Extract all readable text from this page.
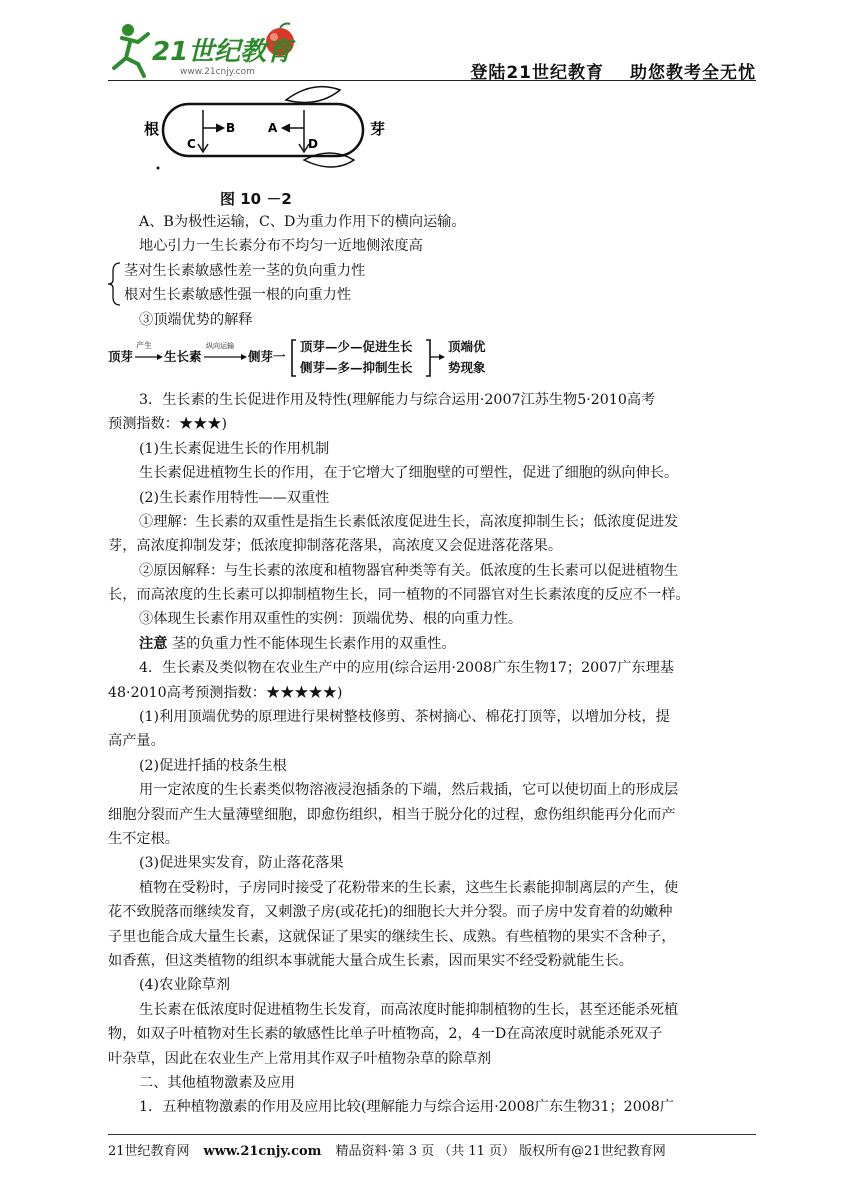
21世纪教育
www.21cnjy.com	登陆21世纪教育 助您教考全无忧
根	芽
B	A
C	D
图 10 －2
顶芽
产生
生长素
纵向运输
侧芽一
顶芽—少—促进生长
侧芽—多—抑制生长
顶端优
势现象
A、B为极性运输，C、D为重力作用下的横向运输。
地心引力一生长素分布不均匀一近地侧浓度高
茎对生长素敏感性差一茎的负向重力性
根对生长素敏感性强一根的向重力性
③顶端优势的解释
3．生长素的生长促进作用及特性(理解能力与综合运用·2007江苏生物5·2010高考
预测指数：★★★)
(1)生长素促进生长的作用机制
生长素促进植物生长的作用，在于它增大了细胞壁的可塑性，促进了细胞的纵向伸长。
(2)生长素作用特性——双重性
①理解：生长素的双重性是指生长素低浓度促进生长，高浓度抑制生长；低浓度促进发
芽，高浓度抑制发芽；低浓度抑制落花落果，高浓度又会促进落花落果。
②原因解释：与生长素的浓度和植物器官种类等有关。低浓度的生长素可以促进植物生
长，而高浓度的生长素可以抑制植物生长，同一植物的不同器官对生长素浓度的反应不一样。
③体现生长素作用双重性的实例：顶端优势、根的向重力性。
注意 茎的负重力性不能体现生长素作用的双重性。
4．生长素及类似物在农业生产中的应用(综合运用·2008广东生物17；2007广东理基
48·2010高考预测指数：★★★★★)
(1)利用顶端优势的原理进行果树整枝修剪、茶树摘心、棉花打顶等，以增加分枝，提
高产量。
(2)促进扦插的枝条生根
用一定浓度的生长素类似物溶液浸泡插条的下端，然后栽插，它可以使切面上的形成层
细胞分裂而产生大量薄壁细胞，即愈伤组织，相当于脱分化的过程，愈伤组织能再分化而产
生不定根。
(3)促进果实发育，防止落花落果
植物在受粉时，子房同时接受了花粉带来的生长素，这些生长素能抑制离层的产生，使
花不致脱落而继续发育，又刺激子房(或花托)的细胞长大并分裂。而子房中发育着的幼嫩种
子里也能合成大量生长素，这就保证了果实的继续生长、成熟。有些植物的果实不含种子，
如香蕉，但这类植物的组织本事就能大量合成生长素，因而果实不经受粉就能生长。
(4)农业除草剂
生长素在低浓度时促进植物生长发育，而高浓度时能抑制植物的生长，甚至还能杀死植
物，如双子叶植物对生长素的敏感性比单子叶植物高，2，4一D在高浓度时就能杀死双子
叶杂草，因此在农业生产上常用其作双子叶植物杂草的除草剂
二、其他植物激素及应用
1．五种植物激素的作用及应用比较(理解能力与综合运用·2008广东生物31；2008广
21世纪教育网 www.21cnjy.com 精品资料·第 3 页 （共 11 页） 版权所有@21世纪教育网
